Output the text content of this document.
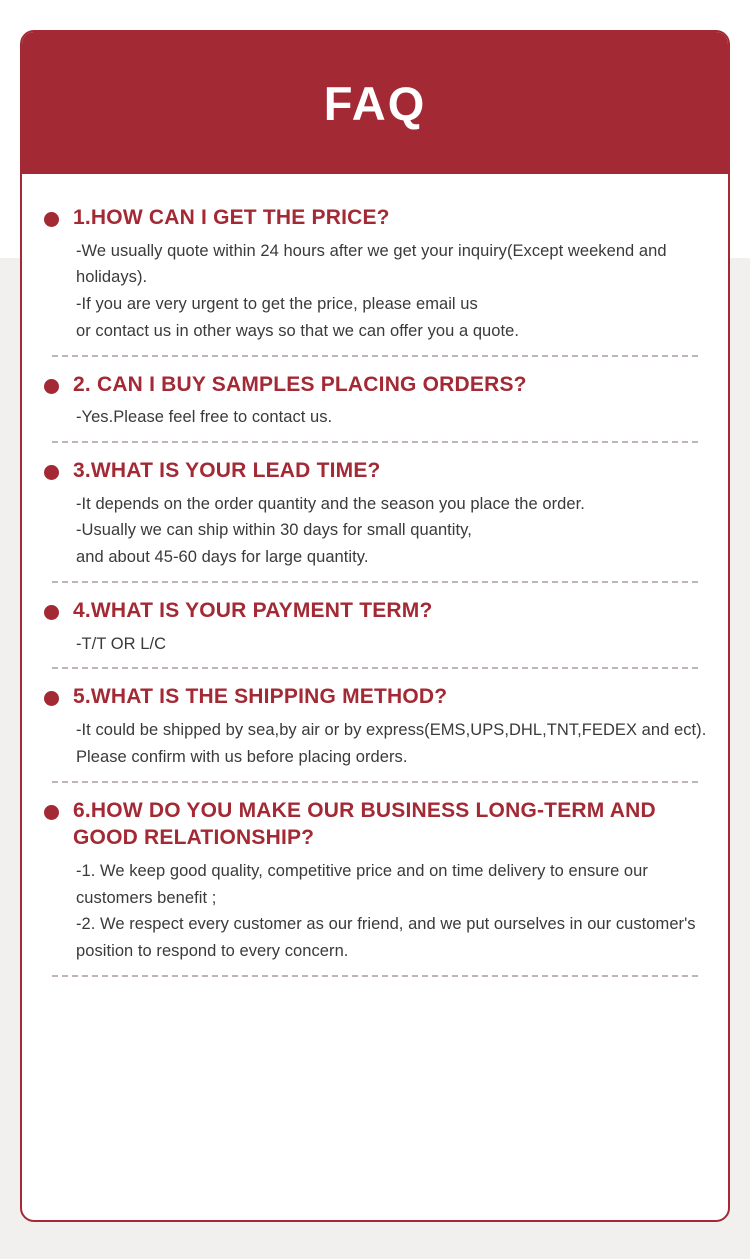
FAQ
1.HOW CAN I GET THE PRICE?
-We usually quote within 24 hours after we get your inquiry(Except weekend and holidays).
-If you are very urgent to get the price, please email us
or contact us in other ways so that we can offer you a quote.
2. CAN I BUY SAMPLES PLACING ORDERS?
-Yes.Please feel free to contact us.
3.WHAT IS YOUR LEAD TIME?
-It depends on the order quantity and the season you place the order.
-Usually we can ship within 30 days for small quantity,
and about 45-60 days for large quantity.
4.WHAT IS YOUR PAYMENT TERM?
-T/T OR L/C
5.WHAT IS THE SHIPPING METHOD?
-It could be shipped by sea,by air or by express(EMS,UPS,DHL,TNT,FEDEX and ect).
Please confirm with us before placing orders.
6.HOW DO YOU MAKE OUR BUSINESS LONG-TERM AND GOOD RELATIONSHIP?
-1. We keep good quality, competitive price and on time delivery to ensure our customers benefit ;
-2. We respect every customer as our friend, and we put ourselves in our customer's position to respond to every concern.
